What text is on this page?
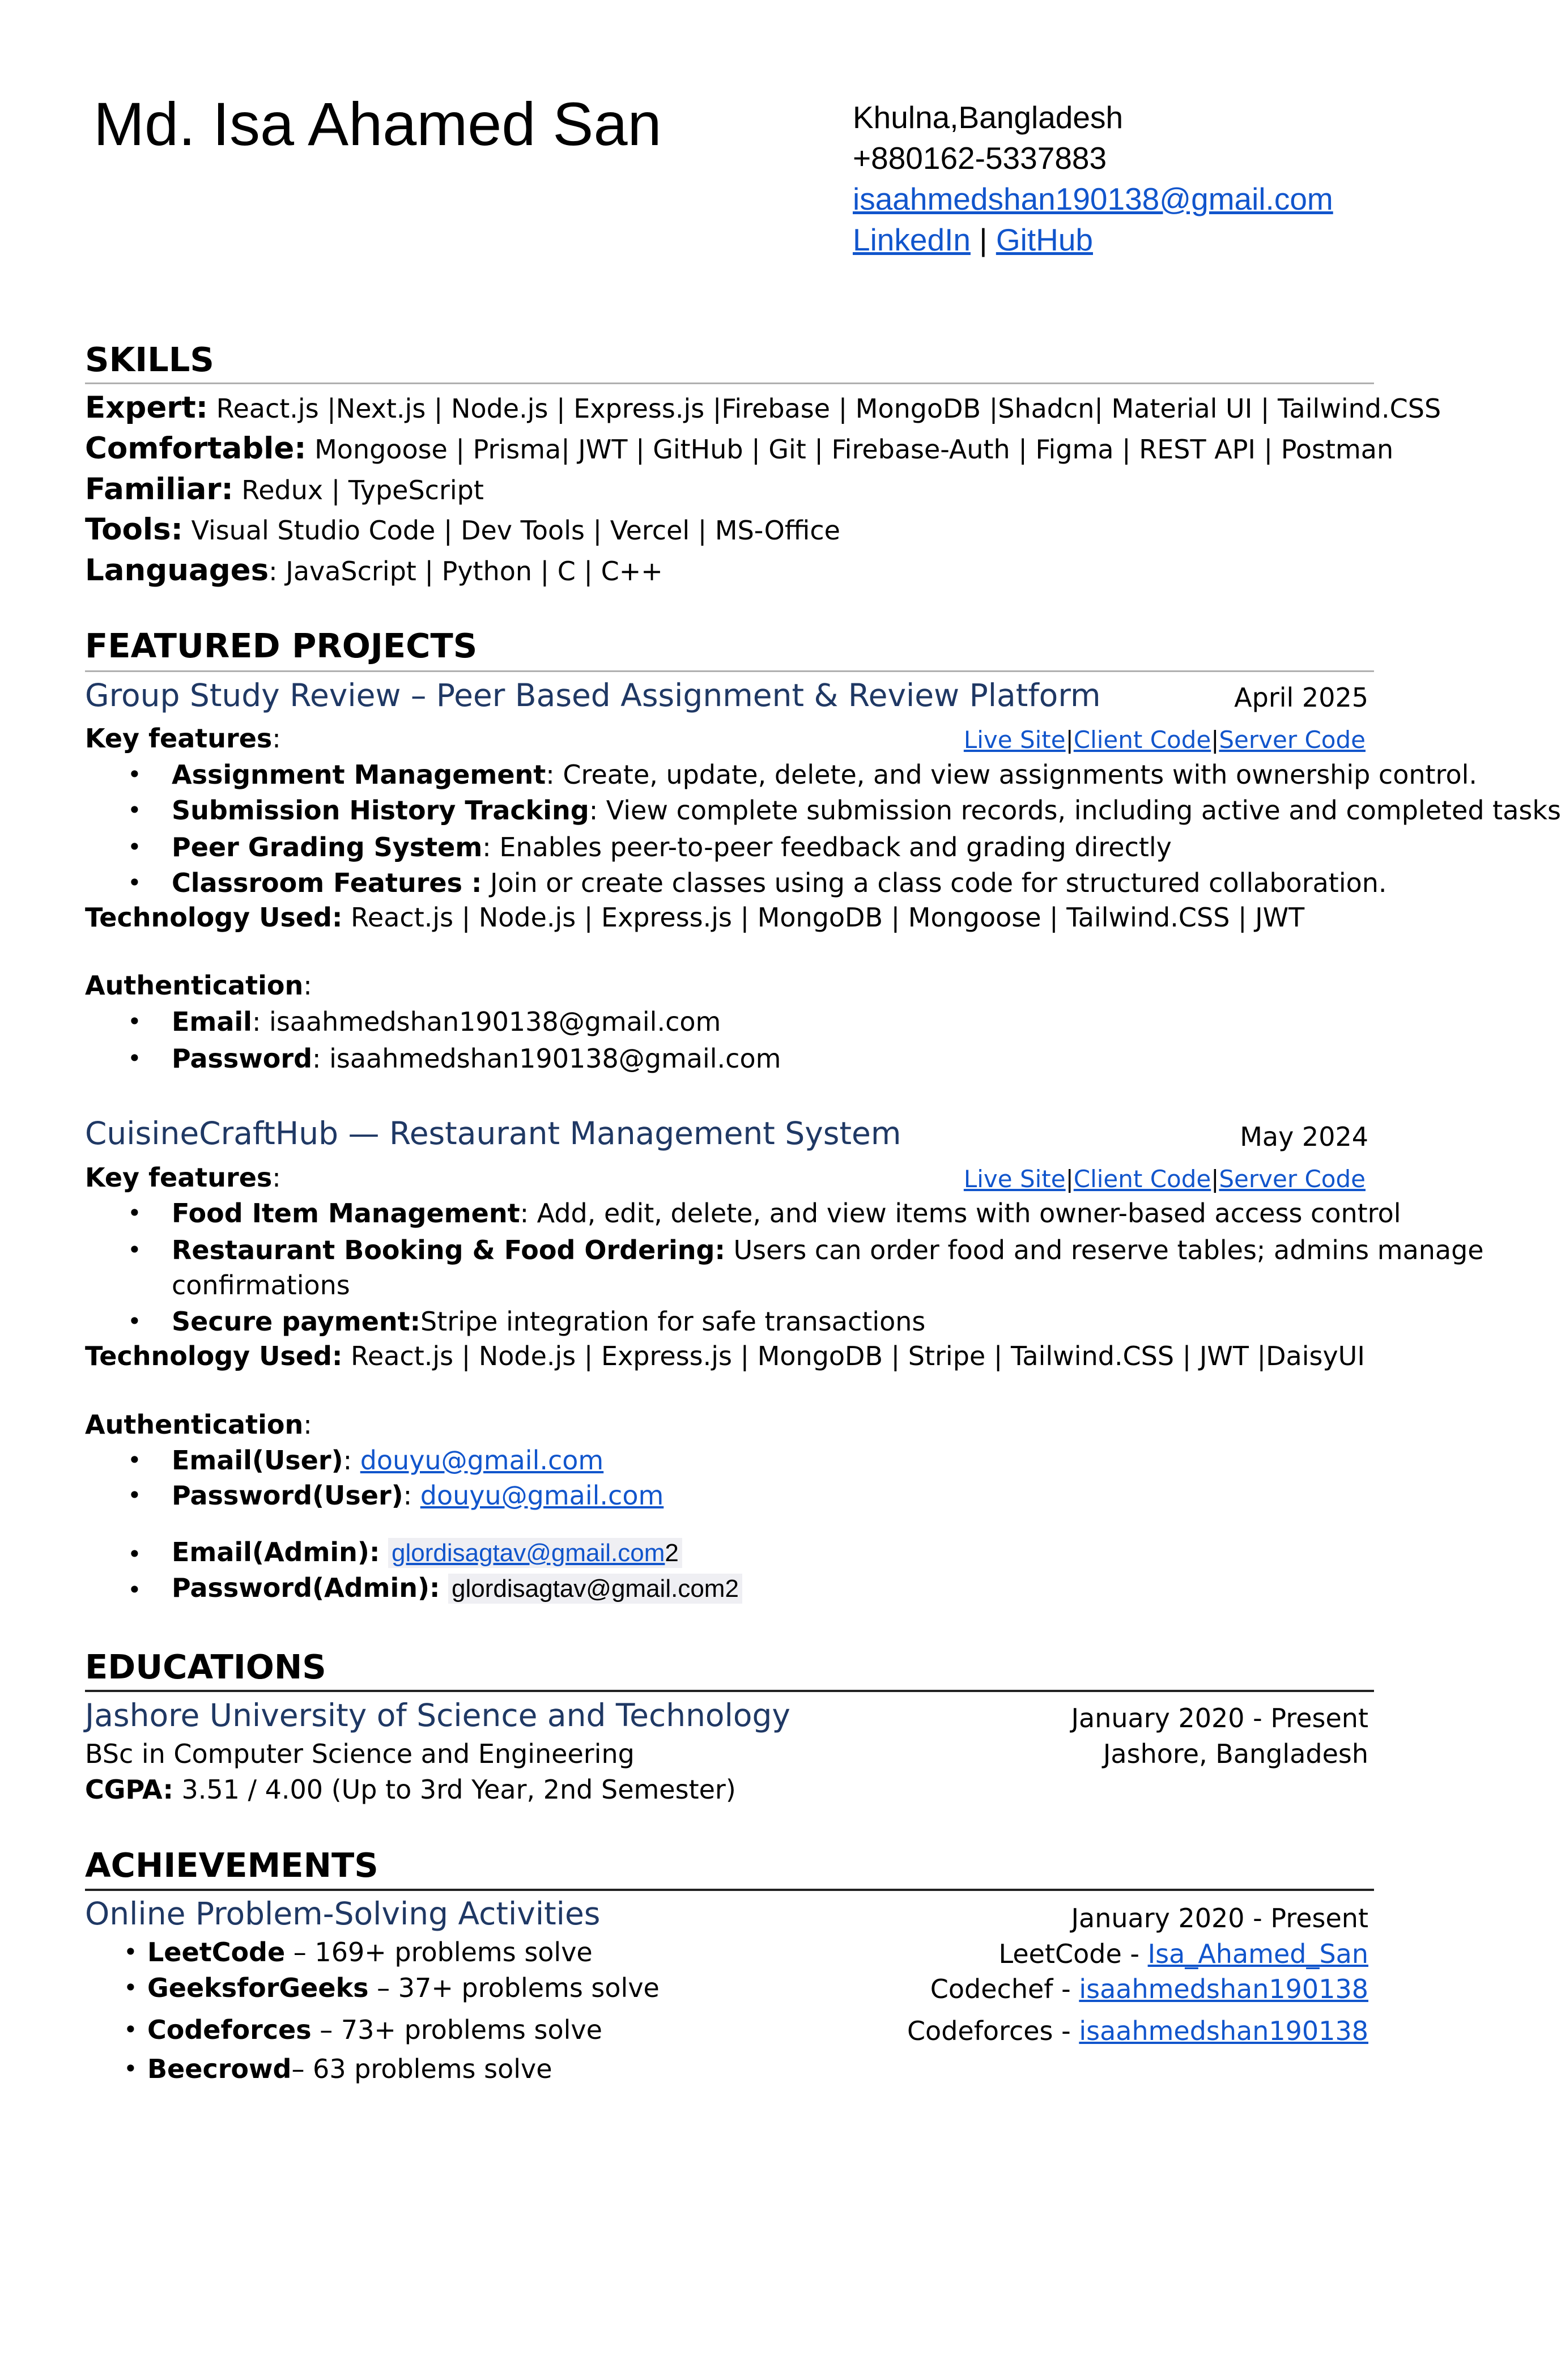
Md. Isa Ahamed San	Khulna,Bangladesh
+880162-5337883
isaahmedshan190138@gmail.com
LinkedIn | GitHub
SKILLS
Expert: React.js |Next.js | Node.js | Express.js |Firebase | MongoDB |Shadcn| Material UI | Tailwind.CSS
Comfortable: Mongoose | Prisma| JWT | GitHub | Git | Firebase-Auth | Figma | REST API | Postman
Familiar: Redux | TypeScript
Tools: Visual Studio Code | Dev Tools | Vercel | MS-Office
Languages: JavaScript | Python | C | C++
FEATURED PROJECTS
Group Study Review – Peer Based Assignment & Review Platform	April 2025
Key features:	Live Site|Client Code|Server Code
• Assignment Management: Create, update, delete, and view assignments with ownership control.
• Submission History Tracking: View complete submission records, including active and completed tasks
• Peer Grading System: Enables peer-to-peer feedback and grading directly
• Classroom Features : Join or create classes using a class code for structured collaboration.
Technology Used: React.js | Node.js | Express.js | MongoDB | Mongoose | Tailwind.CSS | JWT
Authentication:
• Email: isaahmedshan190138@gmail.com
• Password: isaahmedshan190138@gmail.com
CuisineCraftHub — Restaurant Management System	May 2024
Key features:	Live Site|Client Code|Server Code
• Food Item Management: Add, edit, delete, and view items with owner-based access control
• Restaurant Booking & Food Ordering: Users can order food and reserve tables; admins manage
confirmations
• Secure payment:Stripe integration for safe transactions
Technology Used: React.js | Node.js | Express.js | MongoDB | Stripe | Tailwind.CSS | JWT |DaisyUI
Authentication:
• Email(User): douyu@gmail.com
• Password(User): douyu@gmail.com
• Email(Admin): glordisagtav@gmail.com2
• Password(Admin): glordisagtav@gmail.com2
EDUCATIONS
Jashore University of Science and Technology	January 2020 - Present
BSc in Computer Science and Engineering	Jashore, Bangladesh
CGPA: 3.51 / 4.00 (Up to 3rd Year, 2nd Semester)
ACHIEVEMENTS
Online Problem-Solving Activities	January 2020 - Present
• LeetCode – 169+ problems solve
• GeeksforGeeks – 37+ problems solve
• Codeforces – 73+ problems solve
• Beecrowd– 63 problems solve
LeetCode - Isa_Ahamed_San
Codechef - isaahmedshan190138
Codeforces - isaahmedshan190138
